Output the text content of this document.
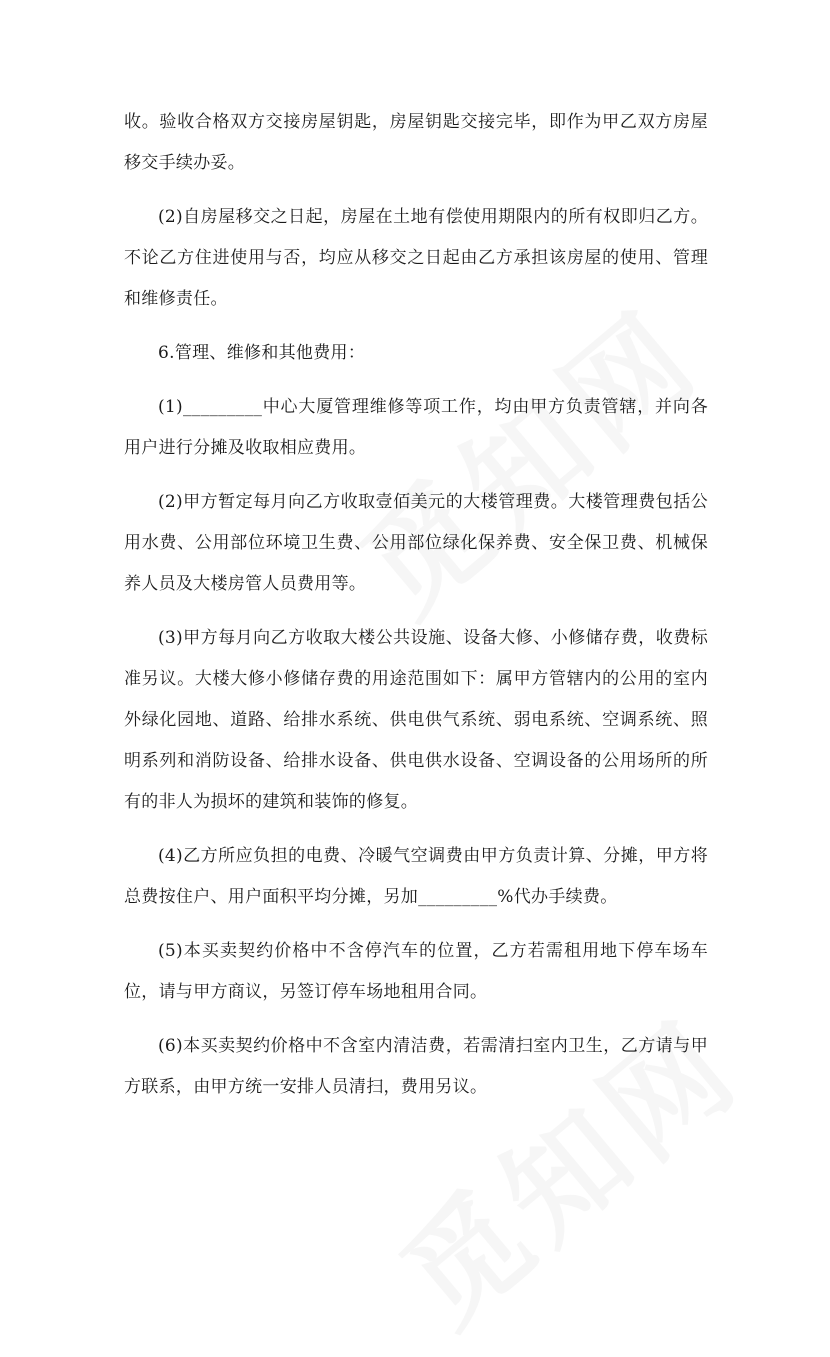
收。验收合格双方交接房屋钥匙，房屋钥匙交接完毕，即作为甲乙双方房屋移交手续办妥。

(2)自房屋移交之日起，房屋在土地有偿使用期限内的所有权即归乙方。不论乙方住进使用与否，均应从移交之日起由乙方承担该房屋的使用、管理和维修责任。

6.管理、维修和其他费用：

(1)_________中心大厦管理维修等项工作，均由甲方负责管辖，并向各用户进行分摊及收取相应费用。

(2)甲方暂定每月向乙方收取壹佰美元的大楼管理费。大楼管理费包括公用水费、公用部位环境卫生费、公用部位绿化保养费、安全保卫费、机械保养人员及大楼房管人员费用等。

(3)甲方每月向乙方收取大楼公共设施、设备大修、小修储存费，收费标准另议。大楼大修小修储存费的用途范围如下：属甲方管辖内的公用的室内外绿化园地、道路、给排水系统、供电供气系统、弱电系统、空调系统、照明系列和消防设备、给排水设备、供电供水设备、空调设备的公用场所的所有的非人为损坏的建筑和装饰的修复。

(4)乙方所应负担的电费、冷暖气空调费由甲方负责计算、分摊，甲方将总费按住户、用户面积平均分摊，另加_________%代办手续费。

(5)本买卖契约价格中不含停汽车的位置，乙方若需租用地下停车场车位，请与甲方商议，另签订停车场地租用合同。

(6)本买卖契约价格中不含室内清洁费，若需清扫室内卫生，乙方请与甲方联系，由甲方统一安排人员清扫，费用另议。
